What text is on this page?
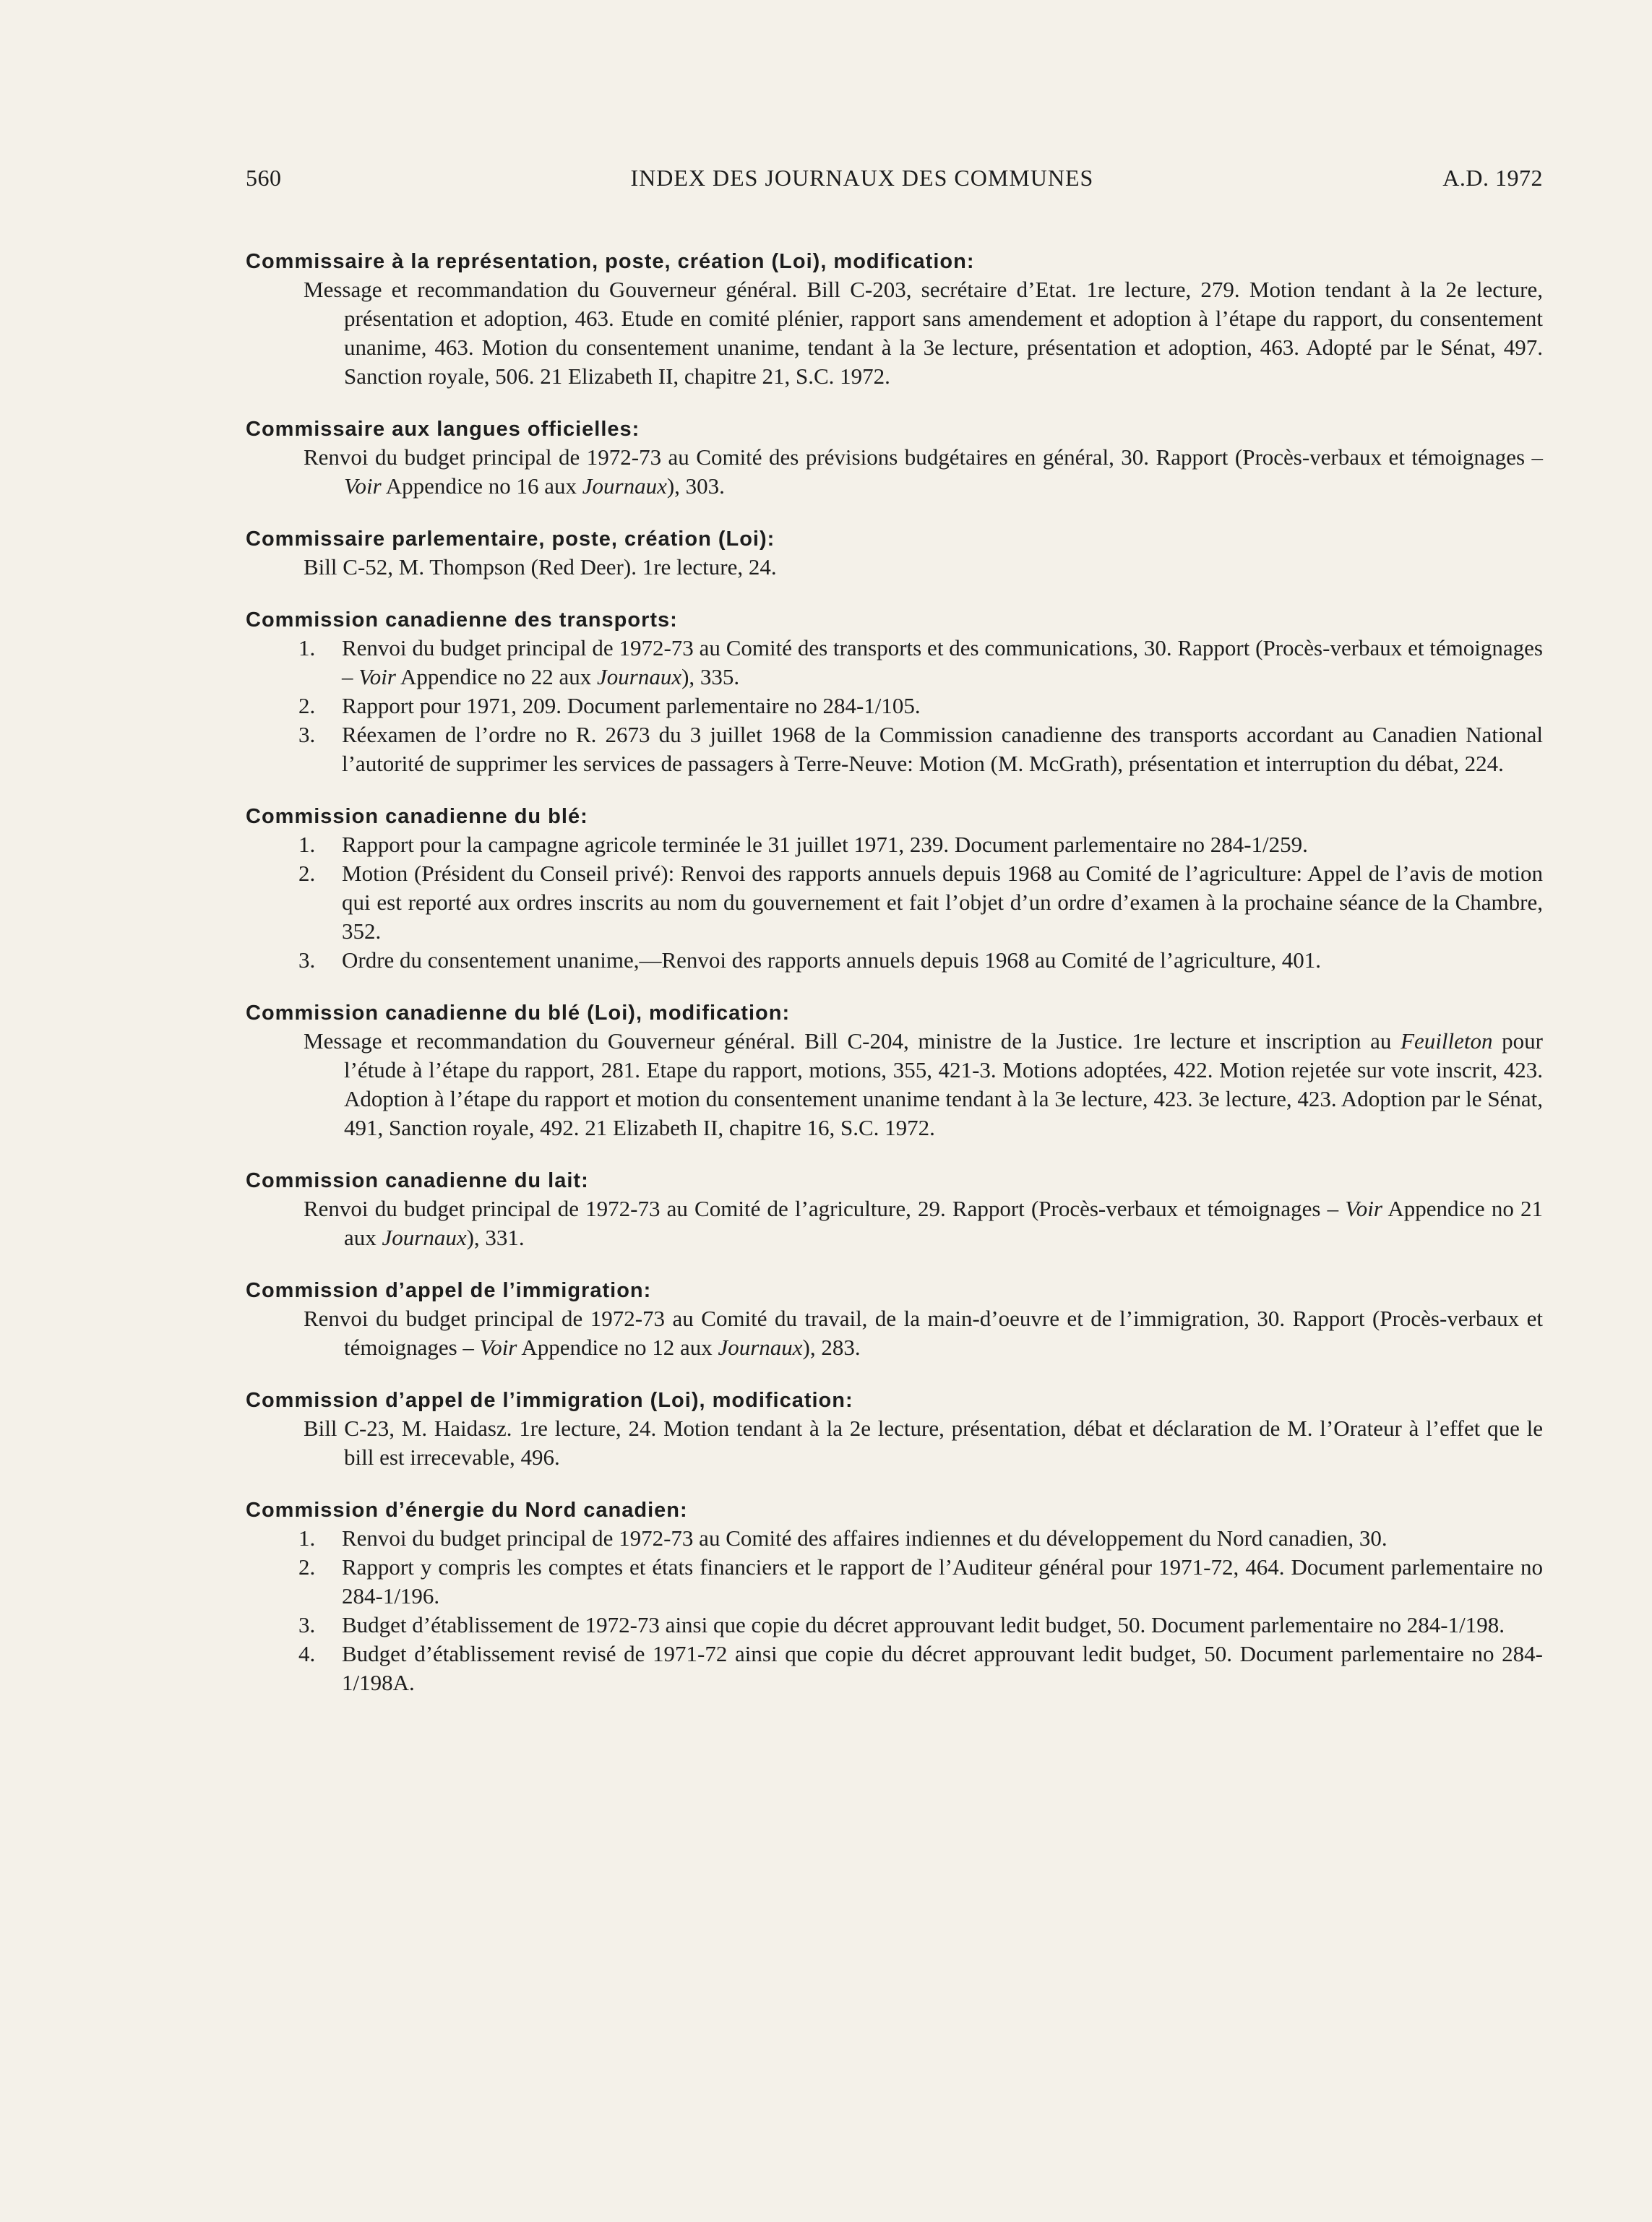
560	INDEX DES JOURNAUX DES COMMUNES	A.D. 1972
Commissaire à la représentation, poste, création (Loi), modification:
Message et recommandation du Gouverneur général. Bill C-203, secrétaire d’Etat. 1re lecture, 279. Motion tendant à la 2e lecture, présentation et adoption, 463. Etude en comité plénier, rapport sans amendement et adoption à l’étape du rapport, du consentement unanime, 463. Motion du consentement unanime, tendant à la 3e lecture, présentation et adoption, 463. Adopté par le Sénat, 497. Sanction royale, 506. 21 Elizabeth II, chapitre 21, S.C. 1972.
Commissaire aux langues officielles:
Renvoi du budget principal de 1972-73 au Comité des prévisions budgétaires en général, 30. Rapport (Procès-verbaux et témoignages – Voir Appendice no 16 aux Journaux), 303.
Commissaire parlementaire, poste, création (Loi):
Bill C-52, M. Thompson (Red Deer). 1re lecture, 24.
Commission canadienne des transports:
1. Renvoi du budget principal de 1972-73 au Comité des transports et des communications, 30. Rapport (Procès-verbaux et témoignages – Voir Appendice no 22 aux Journaux), 335.
2. Rapport pour 1971, 209. Document parlementaire no 284-1/105.
3. Réexamen de l’ordre no R. 2673 du 3 juillet 1968 de la Commission canadienne des transports accordant au Canadien National l’autorité de supprimer les services de passagers à Terre-Neuve: Motion (M. McGrath), présentation et interruption du débat, 224.
Commission canadienne du blé:
1. Rapport pour la campagne agricole terminée le 31 juillet 1971, 239. Document parlementaire no 284-1/259.
2. Motion (Président du Conseil privé): Renvoi des rapports annuels depuis 1968 au Comité de l’agriculture: Appel de l’avis de motion qui est reporté aux ordres inscrits au nom du gouvernement et fait l’objet d’un ordre d’examen à la prochaine séance de la Chambre, 352.
3. Ordre du consentement unanime,—Renvoi des rapports annuels depuis 1968 au Comité de l’agriculture, 401.
Commission canadienne du blé (Loi), modification:
Message et recommandation du Gouverneur général. Bill C-204, ministre de la Justice. 1re lecture et inscription au Feuilleton pour l’étude à l’étape du rapport, 281. Etape du rapport, motions, 355, 421-3. Motions adoptées, 422. Motion rejetée sur vote inscrit, 423. Adoption à l’étape du rapport et motion du consentement unanime tendant à la 3e lecture, 423. 3e lecture, 423. Adoption par le Sénat, 491, Sanction royale, 492. 21 Elizabeth II, chapitre 16, S.C. 1972.
Commission canadienne du lait:
Renvoi du budget principal de 1972-73 au Comité de l’agriculture, 29. Rapport (Procès-verbaux et témoignages – Voir Appendice no 21 aux Journaux), 331.
Commission d’appel de l’immigration:
Renvoi du budget principal de 1972-73 au Comité du travail, de la main-d’oeuvre et de l’immigration, 30. Rapport (Procès-verbaux et témoignages – Voir Appendice no 12 aux Journaux), 283.
Commission d’appel de l’immigration (Loi), modification:
Bill C-23, M. Haidasz. 1re lecture, 24. Motion tendant à la 2e lecture, présentation, débat et déclaration de M. l’Orateur à l’effet que le bill est irrecevable, 496.
Commission d’énergie du Nord canadien:
1. Renvoi du budget principal de 1972-73 au Comité des affaires indiennes et du développement du Nord canadien, 30.
2. Rapport y compris les comptes et états financiers et le rapport de l’Auditeur général pour 1971-72, 464. Document parlementaire no 284-1/196.
3. Budget d’établissement de 1972-73 ainsi que copie du décret approuvant ledit budget, 50. Document parlementaire no 284-1/198.
4. Budget d’établissement revisé de 1971-72 ainsi que copie du décret approuvant ledit budget, 50. Document parlementaire no 284-1/198A.
